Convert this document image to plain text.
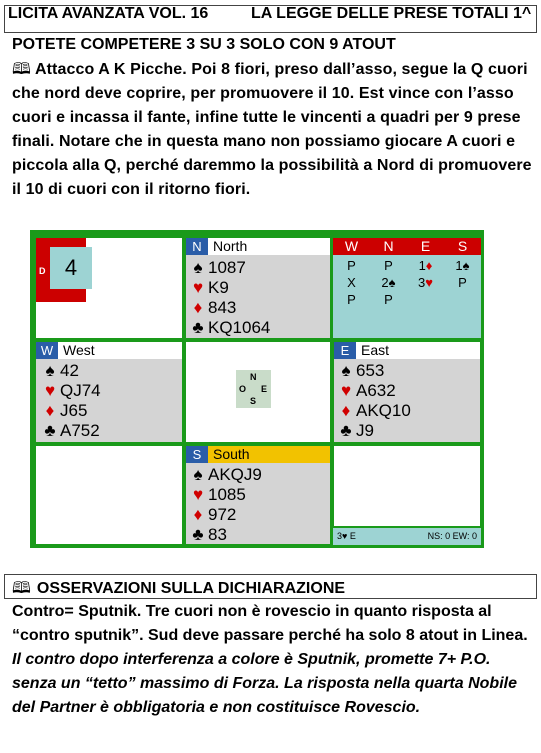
LICITA AVANZATA VOL. 16	LA LEGGE DELLE PRESE TOTALI 1^
POTETE COMPETERE 3 SU 3 SOLO CON 9 ATOUT
🕮 Attacco A K Picche. Poi 8 fiori, preso dall’asso, segue la Q cuori che nord deve coprire, per promuovere il 10. Est vince con l’asso cuori e incassa il fante, infine tutte le vincenti a quadri per 9 prese finali. Notare che in questa mano non possiamo giocare A cuori e piccola alla Q, perché daremmo la possibilità a Nord di promuovere il 10 di cuori con il ritorno fiori.
D 4
N North
♠ 1087
♥ K9
♦ 843
♣ KQ1064
W	N	E	S
P	P	1♦	1♠
X	2♠	3♥	P
P	P
W West
♠ 42
♥ QJ74
♦ J65
♣ A752
N
O E
S
E East
♠ 653
♥ A632
♦ AKQ10
♣ J9
S South
♠ AKQJ9
♥ 1085
♦ 972
♣ 83	3♥ E	NS: 0 EW: 0
🕮 OSSERVAZIONI SULLA DICHIARAZIONE
Contro= Sputnik. Tre cuori non è rovescio in quanto risposta al “contro sputnik”. Sud deve passare perché ha solo 8 atout in Linea. Il contro dopo interferenza a colore è Sputnik, promette 7+ P.O. senza un “tetto” massimo di Forza. La risposta nella quarta Nobile del Partner è obbligatoria e non costituisce Rovescio.
